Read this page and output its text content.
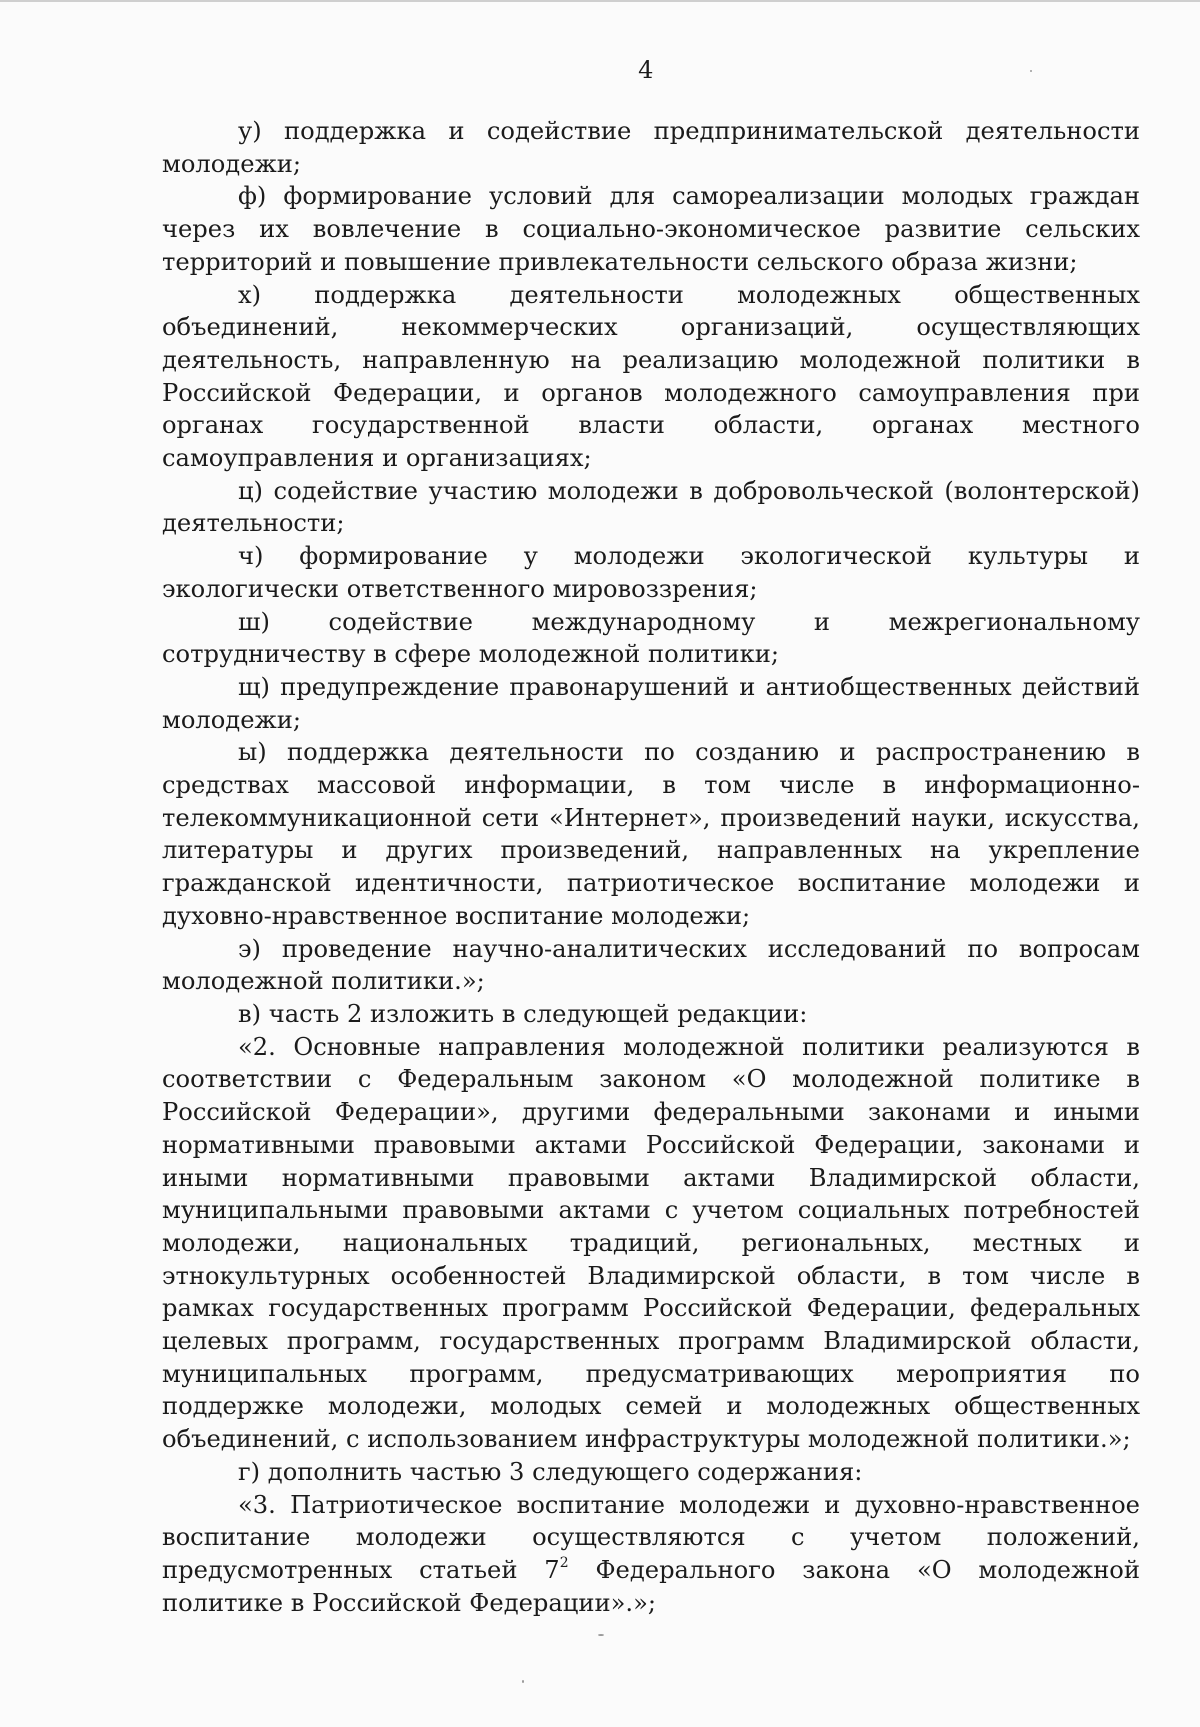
4

у) поддержка и содействие предпринимательской деятельности молодежи;

ф) формирование условий для самореализации молодых граждан через их вовлечение в социально-экономическое развитие сельских территорий и повышение привлекательности сельского образа жизни;

х) поддержка деятельности молодежных общественных объединений, некоммерческих организаций, осуществляющих деятельность, направленную на реализацию молодежной политики в Российской Федерации, и органов молодежного самоуправления при органах государственной власти области, органах местного самоуправления и организациях;

ц) содействие участию молодежи в добровольческой (волонтерской) деятельности;

ч) формирование у молодежи экологической культуры и экологически ответственного мировоззрения;

ш) содействие международному и межрегиональному сотрудничеству в сфере молодежной политики;

щ) предупреждение правонарушений и антиобщественных действий молодежи;

ы) поддержка деятельности по созданию и распространению в средствах массовой информации, в том числе в информационно-телекоммуникационной сети «Интернет», произведений науки, искусства, литературы и других произведений, направленных на укрепление гражданской идентичности, патриотическое воспитание молодежи и духовно-нравственное воспитание молодежи;

э) проведение научно-аналитических исследований по вопросам молодежной политики.»;

в) часть 2 изложить в следующей редакции:

«2. Основные направления молодежной политики реализуются в соответствии с Федеральным законом «О молодежной политике в Российской Федерации», другими федеральными законами и иными нормативными правовыми актами Российской Федерации, законами и иными нормативными правовыми актами Владимирской области, муниципальными правовыми актами с учетом социальных потребностей молодежи, национальных традиций, региональных, местных и этнокультурных особенностей Владимирской области, в том числе в рамках государственных программ Российской Федерации, федеральных целевых программ, государственных программ Владимирской области, муниципальных программ, предусматривающих мероприятия по поддержке молодежи, молодых семей и молодежных общественных объединений, с использованием инфраструктуры молодежной политики.»;

г) дополнить частью 3 следующего содержания:

«3. Патриотическое воспитание молодежи и духовно-нравственное воспитание молодежи осуществляются с учетом положений, предусмотренных статьей $7^2$ Федерального закона «О молодежной политике в Российской Федерации».»;
